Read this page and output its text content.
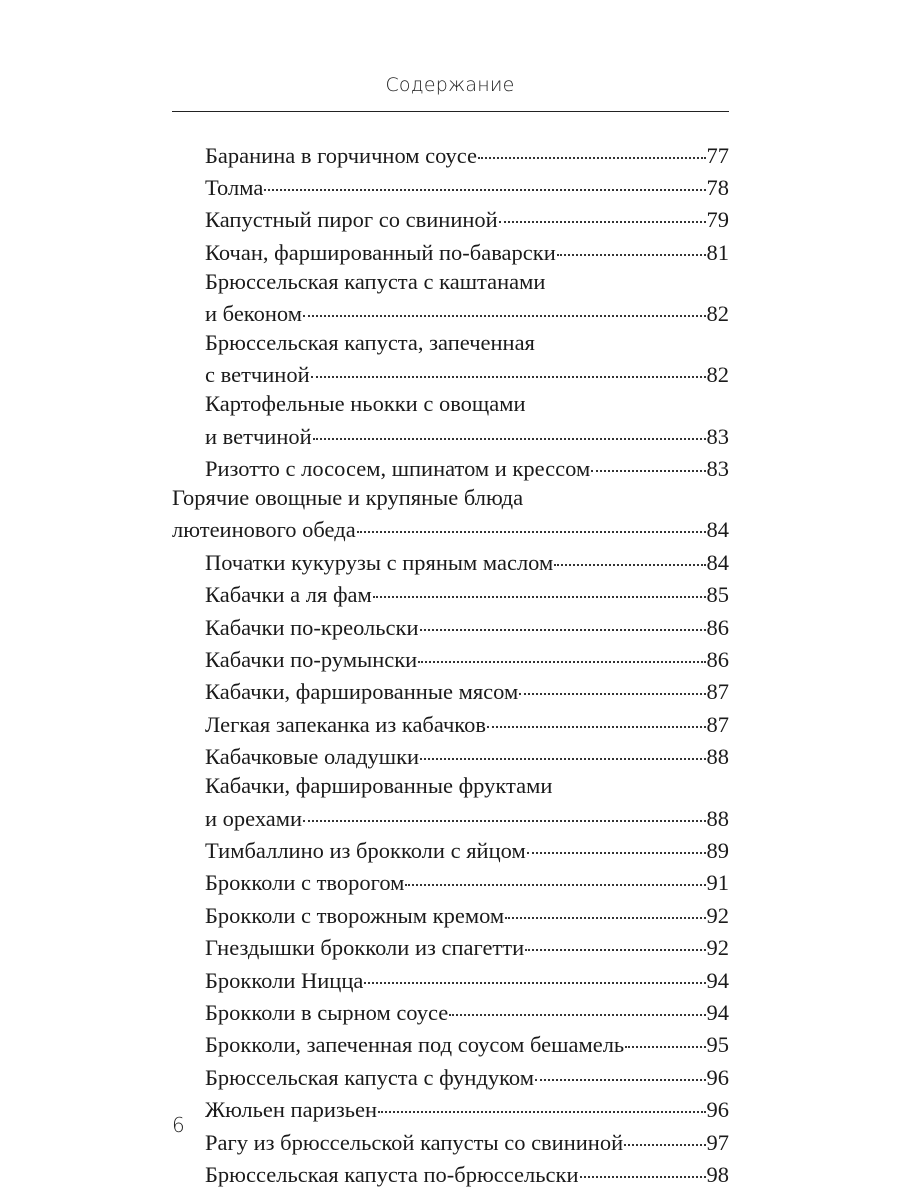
Содержание
Баранина в горчичном соусе	77
Толма	78
Капустный пирог со свининой	79
Кочан, фаршированный по-баварски	81
Брюссельская капуста с каштанами
и беконом	82
Брюссельская капуста, запеченная
с ветчиной	82
Картофельные ньокки с овощами
и ветчиной	83
Ризотто с лососем, шпинатом и крессом	83
Горячие овощные и крупяные блюда
лютеинового обеда	84
Початки кукурузы с пряным маслом	84
Кабачки а ля фам	85
Кабачки по-креольски	86
Кабачки по-румынски	86
Кабачки, фаршированные мясом	87
Легкая запеканка из кабачков	87
Кабачковые оладушки	88
Кабачки, фаршированные фруктами
и орехами	88
Тимбаллино из брокколи с яйцом	89
Брокколи с творогом	91
Брокколи с творожным кремом	92
Гнездышки брокколи из спагетти	92
Брокколи Ницца	94
Брокколи в сырном соусе	94
Брокколи, запеченная под соусом бешамель	95
Брюссельская капуста с фундуком	96
Жюльен паризьен	96
Рагу из брюссельской капусты со свининой	97
Брюссельская капуста по-брюссельски	98
6
